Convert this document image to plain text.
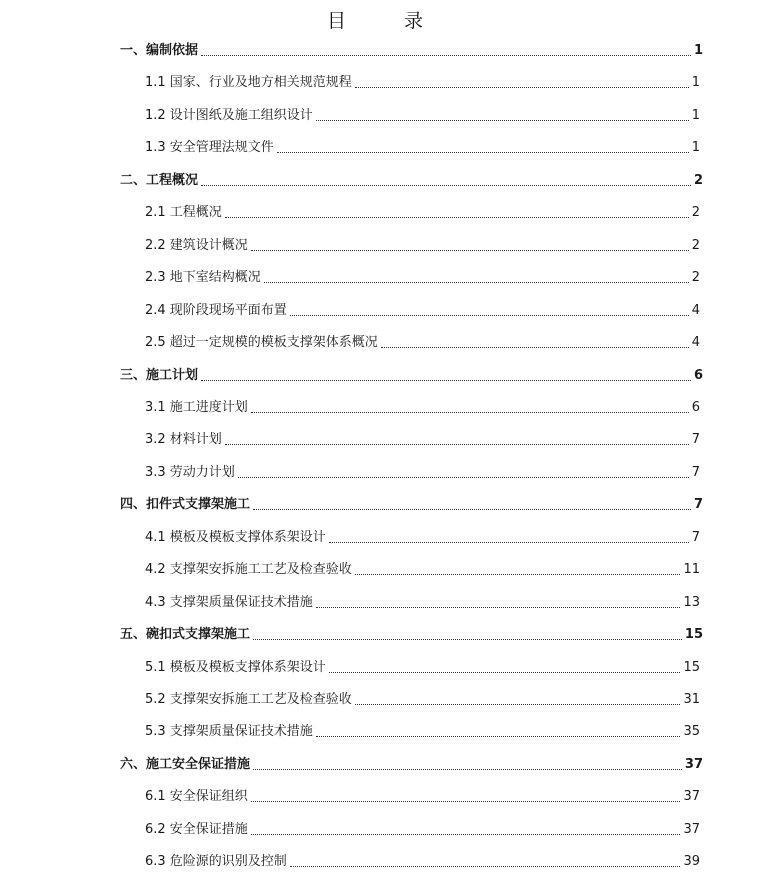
目 录
一、编制依据	1
1.1 国家、行业及地方相关规范规程	1
1.2 设计图纸及施工组织设计	1
1.3 安全管理法规文件	1
二、工程概况	2
2.1 工程概况	2
2.2 建筑设计概况	2
2.3 地下室结构概况	2
2.4 现阶段现场平面布置	4
2.5 超过一定规模的模板支撑架体系概况	4
三、施工计划	6
3.1 施工进度计划	6
3.2 材料计划	7
3.3 劳动力计划	7
四、扣件式支撑架施工	7
4.1 模板及模板支撑体系架设计	7
4.2 支撑架安拆施工工艺及检查验收	11
4.3 支撑架质量保证技术措施	13
五、碗扣式支撑架施工	15
5.1 模板及模板支撑体系架设计	15
5.2 支撑架安拆施工工艺及检查验收	31
5.3 支撑架质量保证技术措施	35
六、施工安全保证措施	37
6.1 安全保证组织	37
6.2 安全保证措施	37
6.3 危险源的识别及控制	39
